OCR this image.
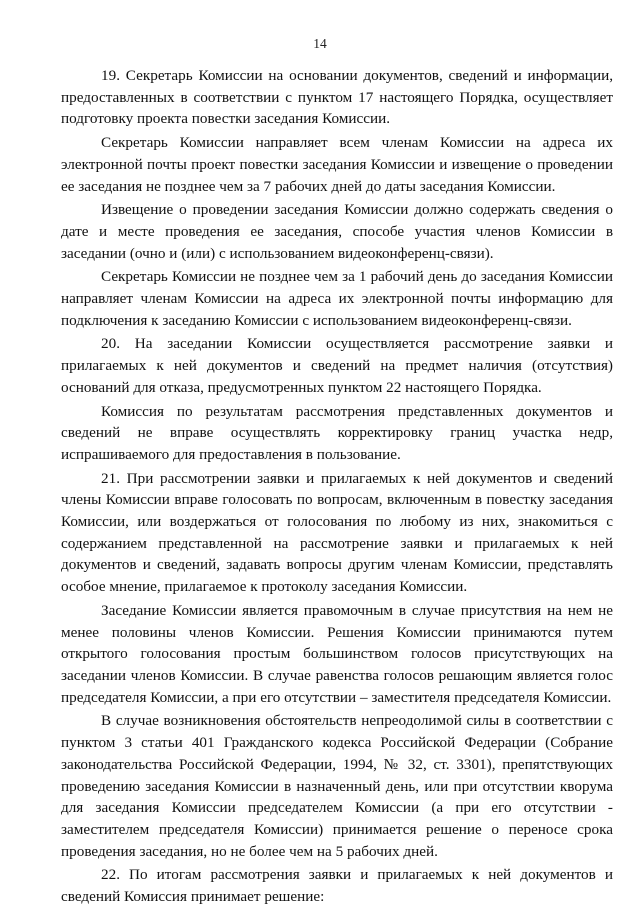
14

19. Секретарь Комиссии на основании документов, сведений и информации, предоставленных в соответствии с пунктом 17 настоящего Порядка, осуществляет подготовку проекта повестки заседания Комиссии.

Секретарь Комиссии направляет всем членам Комиссии на адреса их электронной почты проект повестки заседания Комиссии и извещение о проведении ее заседания не позднее чем за 7 рабочих дней до даты заседания Комиссии.

Извещение о проведении заседания Комиссии должно содержать сведения о дате и месте проведения ее заседания, способе участия членов Комиссии в заседании (очно и (или) с использованием видеоконференц-связи).

Секретарь Комиссии не позднее чем за 1 рабочий день до заседания Комиссии направляет членам Комиссии на адреса их электронной почты информацию для подключения к заседанию Комиссии с использованием видеоконференц-связи.

20. На заседании Комиссии осуществляется рассмотрение заявки и прилагаемых к ней документов и сведений на предмет наличия (отсутствия) оснований для отказа, предусмотренных пунктом 22 настоящего Порядка.

Комиссия по результатам рассмотрения представленных документов и сведений не вправе осуществлять корректировку границ участка недр, испрашиваемого для предоставления в пользование.

21. При рассмотрении заявки и прилагаемых к ней документов и сведений члены Комиссии вправе голосовать по вопросам, включенным в повестку заседания Комиссии, или воздержаться от голосования по любому из них, знакомиться с содержанием представленной на рассмотрение заявки и прилагаемых к ней документов и сведений, задавать вопросы другим членам Комиссии, представлять особое мнение, прилагаемое к протоколу заседания Комиссии.

Заседание Комиссии является правомочным в случае присутствия на нем не менее половины членов Комиссии. Решения Комиссии принимаются путем открытого голосования простым большинством голосов присутствующих на заседании членов Комиссии. В случае равенства голосов решающим является голос председателя Комиссии, а при его отсутствии – заместителя председателя Комиссии.

В случае возникновения обстоятельств непреодолимой силы в соответствии с пунктом 3 статьи 401 Гражданского кодекса Российской Федерации (Собрание законодательства Российской Федерации, 1994, № 32, ст. 3301), препятствующих проведению заседания Комиссии в назначенный день, или при отсутствии кворума для заседания Комиссии председателем Комиссии (а при его отсутствии - заместителем председателя Комиссии) принимается решение о переносе срока проведения заседания, но не более чем на 5 рабочих дней.

22. По итогам рассмотрения заявки и прилагаемых к ней документов и сведений Комиссия принимает решение:
